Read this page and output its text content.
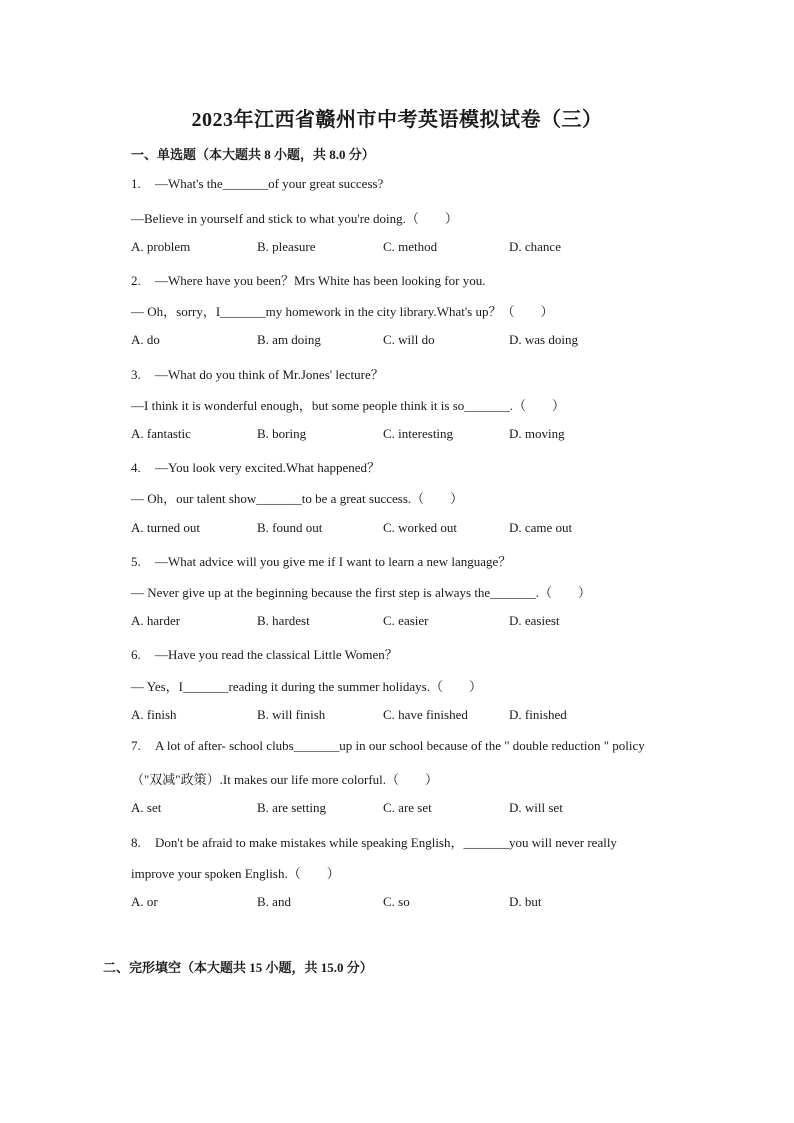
2023年江西省赣州市中考英语模拟试卷（三）
一、单选题（本大题共 8 小题，共 8.0 分）
1. —What's the_______of your great success?
—Believe in yourself and stick to what you're doing.（　　）
A. problem	B. pleasure	C. method	D. chance
2. —Where have you been？Mrs White has been looking for you.
— Oh，sorry，I_______my homework in the city library.What's up？（　　）
A. do	B. am doing	C. will do	D. was doing
3. —What do you think of Mr.Jones' lecture？
—I think it is wonderful enough，but some people think it is so_______.（　　）
A. fantastic	B. boring	C. interesting	D. moving
4. —You look very excited.What happened？
— Oh，our talent show_______to be a great success.（　　）
A. turned out	B. found out	C. worked out	D. came out
5. —What advice will you give me if I want to learn a new language？
— Never give up at the beginning because the first step is always the_______.（　　）
A. harder	B. hardest	C. easier	D. easiest
6. —Have you read the classical Little Women？
— Yes，I_______reading it during the summer holidays.（　　）
A. finish	B. will finish	C. have finished	D. finished
7. A lot of after- school clubs_______up in our school because of the " double reduction " policy
（"双减"政策）.It makes our life more colorful.（　　）
A. set	B. are setting	C. are set	D. will set
8. Don't be afraid to make mistakes while speaking English，_______you will never really
improve your spoken English.（　　）
A. or	B. and	C. so	D. but
二、完形填空（本大题共 15 小题，共 15.0 分）
